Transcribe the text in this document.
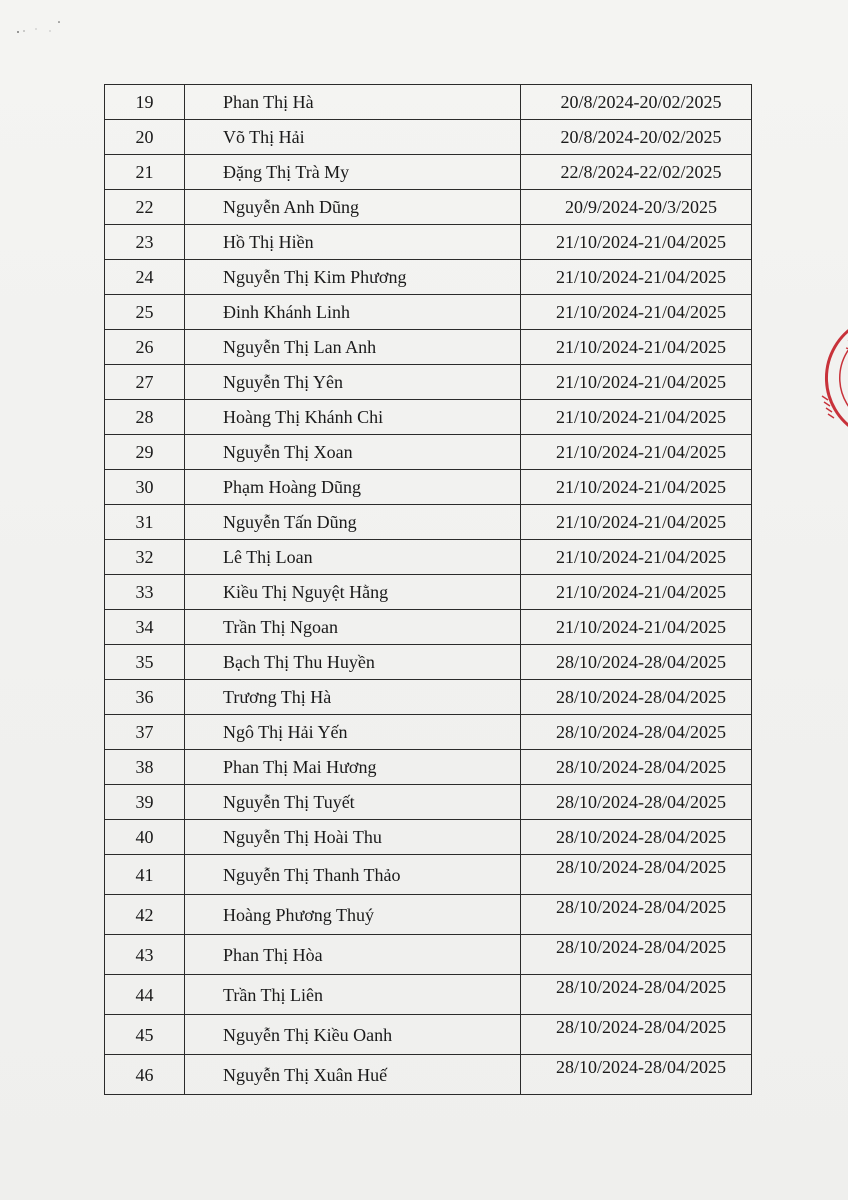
19	Phan Thị Hà	20/8/2024-20/02/2025
20	Võ Thị Hải	20/8/2024-20/02/2025
21	Đặng Thị Trà My	22/8/2024-22/02/2025
22	Nguyễn Anh Dũng	20/9/2024-20/3/2025
23	Hồ Thị Hiền	21/10/2024-21/04/2025
24	Nguyễn Thị Kim Phương	21/10/2024-21/04/2025
25	Đinh Khánh Linh	21/10/2024-21/04/2025
26	Nguyễn Thị Lan Anh	21/10/2024-21/04/2025
27	Nguyễn Thị Yên	21/10/2024-21/04/2025
28	Hoàng Thị Khánh Chi	21/10/2024-21/04/2025
29	Nguyễn Thị Xoan	21/10/2024-21/04/2025
30	Phạm Hoàng Dũng	21/10/2024-21/04/2025
31	Nguyễn Tấn Dũng	21/10/2024-21/04/2025
32	Lê Thị Loan	21/10/2024-21/04/2025
33	Kiều Thị Nguyệt Hằng	21/10/2024-21/04/2025
34	Trần Thị Ngoan	21/10/2024-21/04/2025
35	Bạch Thị Thu Huyền	28/10/2024-28/04/2025
36	Trương Thị Hà	28/10/2024-28/04/2025
37	Ngô Thị Hải Yến	28/10/2024-28/04/2025
38	Phan Thị Mai Hương	28/10/2024-28/04/2025
39	Nguyễn Thị Tuyết	28/10/2024-28/04/2025
40	Nguyễn Thị Hoài Thu	28/10/2024-28/04/2025
41	Nguyễn Thị Thanh Thảo	28/10/2024-28/04/2025
42	Hoàng Phương Thuý	28/10/2024-28/04/2025
43	Phan Thị Hòa	28/10/2024-28/04/2025
44	Trần Thị Liên	28/10/2024-28/04/2025
45	Nguyễn Thị Kiều Oanh	28/10/2024-28/04/2025
46	Nguyễn Thị Xuân Huế	28/10/2024-28/04/2025
